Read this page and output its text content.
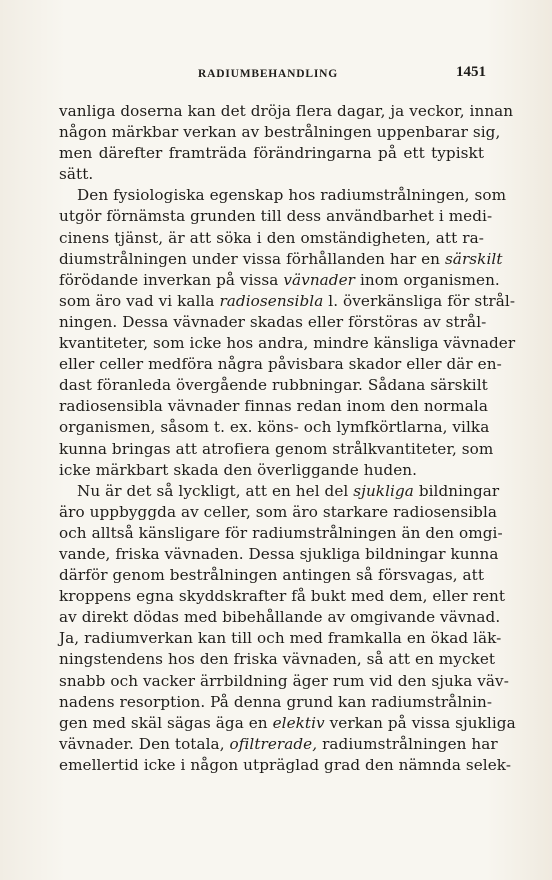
RADIUMBEHANDLING	1451
vanliga doserna kan det dröja flera dagar, ja veckor, innan
någon märkbar verkan av bestrålningen uppenbarar sig,
men därefter framträda förändringarna på ett typiskt
sätt.
Den fysiologiska egenskap hos radiumstrålningen, som
utgör förnämsta grunden till dess användbarhet i medi-
cinens tjänst, är att söka i den omständigheten, att ra-
diumstrålningen under vissa förhållanden har en särskilt
förödande inverkan på vissa vävnader inom organismen.
som äro vad vi kalla radiosensibla l. överkänsliga för strål-
ningen. Dessa vävnader skadas eller förstöras av strål-
kvantiteter, som icke hos andra, mindre känsliga vävnader
eller celler medföra några påvisbara skador eller där en-
dast föranleda övergående rubbningar. Sådana särskilt
radiosensibla vävnader finnas redan inom den normala
organismen, såsom t. ex. köns- och lymfkörtlarna, vilka
kunna bringas att atrofiera genom strålkvantiteter, som
icke märkbart skada den överliggande huden.
Nu är det så lyckligt, att en hel del sjukliga bildningar
äro uppbyggda av celler, som äro starkare radiosensibla
och alltså känsligare för radiumstrålningen än den omgi-
vande, friska vävnaden. Dessa sjukliga bildningar kunna
därför genom bestrålningen antingen så försvagas, att
kroppens egna skyddskrafter få bukt med dem, eller rent
av direkt dödas med bibehållande av omgivande vävnad.
Ja, radiumverkan kan till och med framkalla en ökad läk-
ningstendens hos den friska vävnaden, så att en mycket
snabb och vacker ärrbildning äger rum vid den sjuka väv-
nadens resorption. På denna grund kan radiumstrålnin-
gen med skäl sägas äga en elektiv verkan på vissa sjukliga
vävnader. Den totala, ofiltrerade, radiumstrålningen har
emellertid icke i någon utpräglad grad den nämnda selek-
